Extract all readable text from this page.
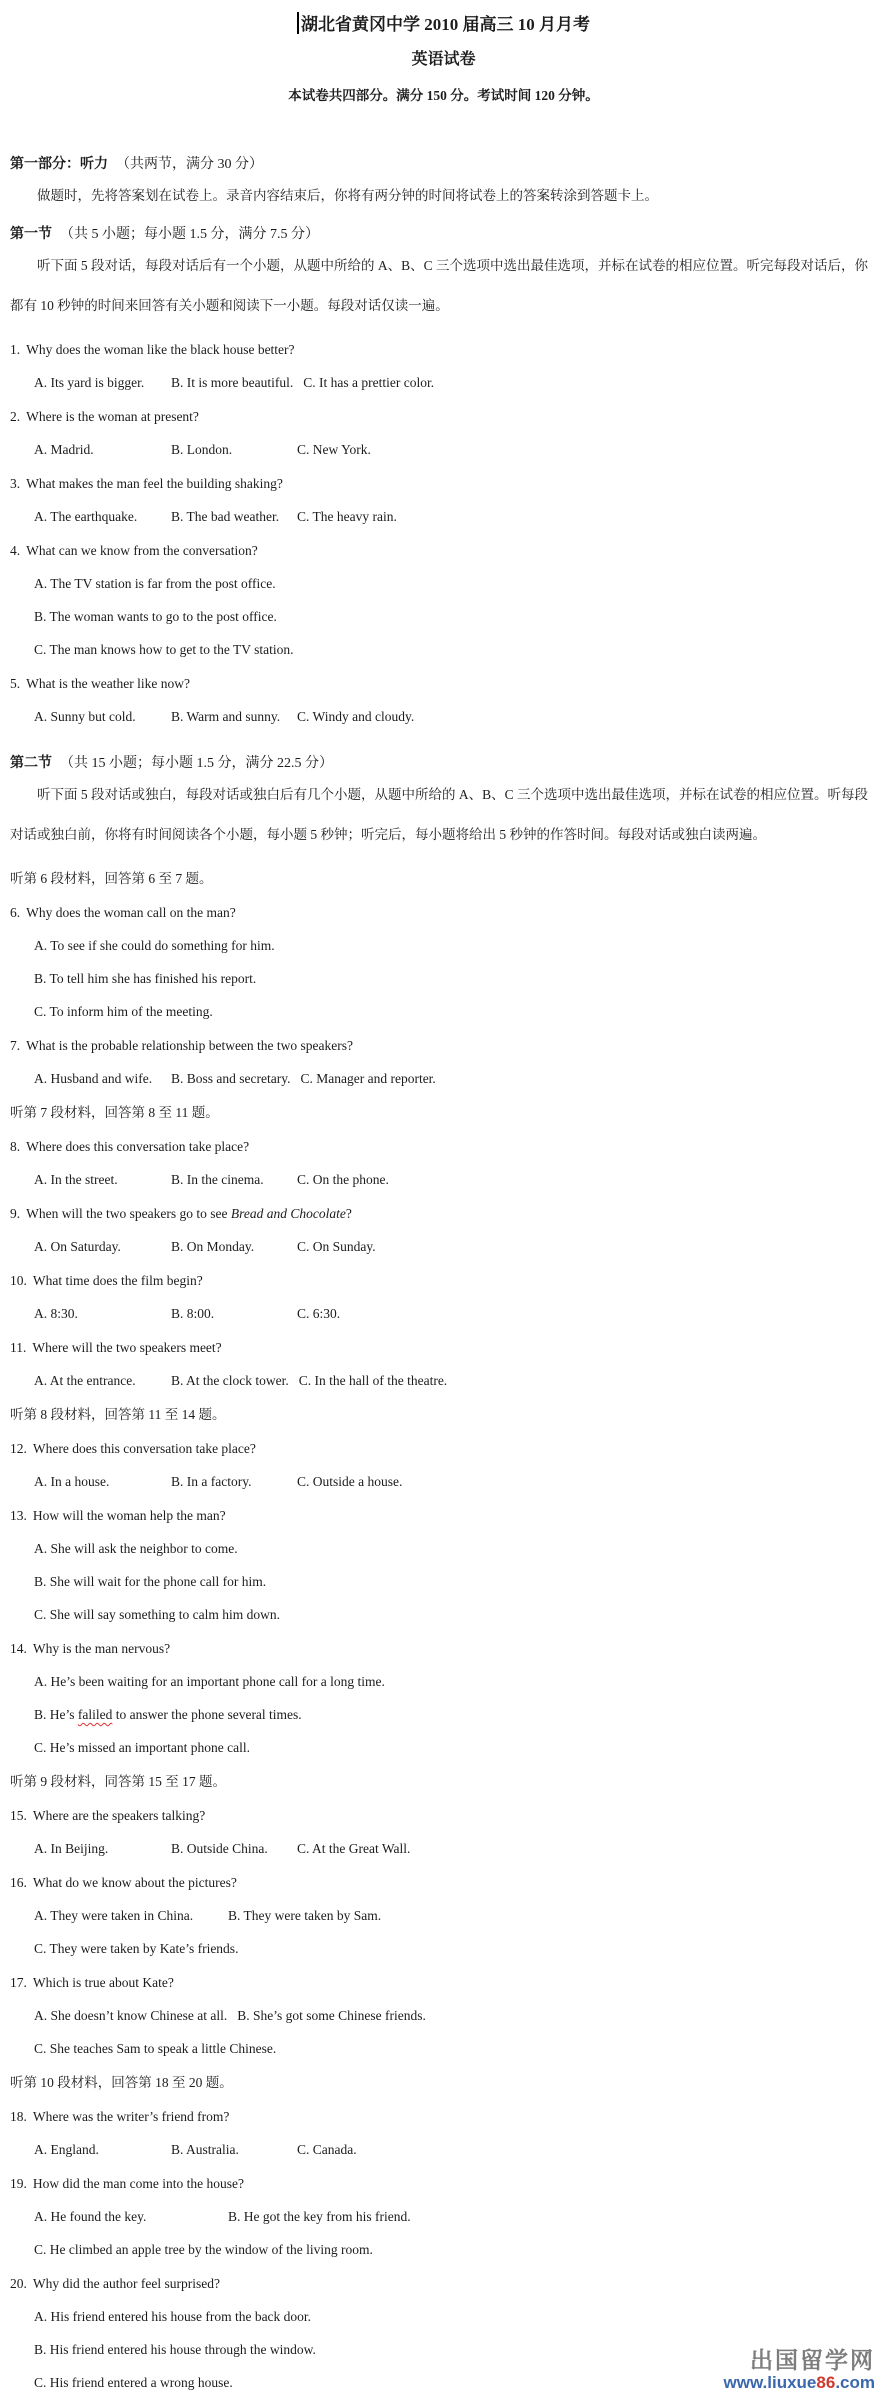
湖北省黄冈中学 2010 届高三 10 月月考
英语试卷
本试卷共四部分。满分 150 分。考试时间 120 分钟。
第一部分：听力 （共两节，满分 30 分）
做题时，先将答案划在试卷上。录音内容结束后，你将有两分钟的时间将试卷上的答案转涂到答题卡上。
第一节 （共 5 小题；每小题 1.5 分，满分 7.5 分）
听下面 5 段对话，每段对话后有一个小题，从题中所给的 A、B、C 三个选项中选出最佳选项，并标在试卷的相应位置。听完每段对话后，你都有 10 秒钟的时间来回答有关小题和阅读下一小题。每段对话仅读一遍。
1. Why does the woman like the black house better?
A. Its yard is bigger.	B. It is more beautiful. C. It has a prettier color.
2. Where is the woman at present?
A. Madrid.	B. London.	C. New York.
3. What makes the man feel the building shaking?
A. The earthquake.	B. The bad weather.	C. The heavy rain.
4. What can we know from the conversation?
A. The TV station is far from the post office.
B. The woman wants to go to the post office.
C. The man knows how to get to the TV station.
5. What is the weather like now?
A. Sunny but cold.	B. Warm and sunny.	C. Windy and cloudy.
第二节 （共 15 小题；每小题 1.5 分，满分 22.5 分）
听下面 5 段对话或独白，每段对话或独白后有几个小题，从题中所给的 A、B、C 三个选项中选出最佳选项，并标在试卷的相应位置。听每段对话或独白前，你将有时间阅读各个小题，每小题 5 秒钟；听完后，每小题将给出 5 秒钟的作答时间。每段对话或独白读两遍。
听第 6 段材料，回答第 6 至 7 题。
6. Why does the woman call on the man?
A. To see if she could do something for him.
B. To tell him she has finished his report.
C. To inform him of the meeting.
7. What is the probable relationship between the two speakers?
A. Husband and wife.	B. Boss and secretary. C. Manager and reporter.
听第 7 段材料，回答第 8 至 11 题。
8. Where does this conversation take place?
A. In the street.	B. In the cinema.	C. On the phone.
9. When will the two speakers go to see Bread and Chocolate?
A. On Saturday.	B. On Monday.	C. On Sunday.
10. What time does the film begin?
A. 8:30.	B. 8:00.	C. 6:30.
11. Where will the two speakers meet?
A. At the entrance.	B. At the clock tower. C. In the hall of the theatre.
听第 8 段材料，回答第 11 至 14 题。
12. Where does this conversation take place?
A. In a house.	B. In a factory.	C. Outside a house.
13. How will the woman help the man?
A. She will ask the neighbor to come.
B. She will wait for the phone call for him.
C. She will say something to calm him down.
14. Why is the man nervous?
A. He’s been waiting for an important phone call for a long time.
B. He’s faliled to answer the phone several times.
C. He’s missed an important phone call.
听第 9 段材料，同答第 15 至 17 题。
15. Where are the speakers talking?
A. In Beijing.	B. Outside China.	C. At the Great Wall.
16. What do we know about the pictures?
A. They were taken in China.	B. They were taken by Sam.
C. They were taken by Kate’s friends.
17. Which is true about Kate?
A. She doesn’t know Chinese at all. B. She’s got some Chinese friends.
C. She teaches Sam to speak a little Chinese.
听第 10 段材料，回答第 18 至 20 题。
18. Where was the writer’s friend from?
A. England.	B. Australia.	C. Canada.
19. How did the man come into the house?
A. He found the key.	B. He got the key from his friend.
C. He climbed an apple tree by the window of the living room.
20. Why did the author feel surprised?
A. His friend entered his house from the back door.
B. His friend entered his house through the window.
C. His friend entered a wrong house.
出国留学网
www.liuxue86.com
